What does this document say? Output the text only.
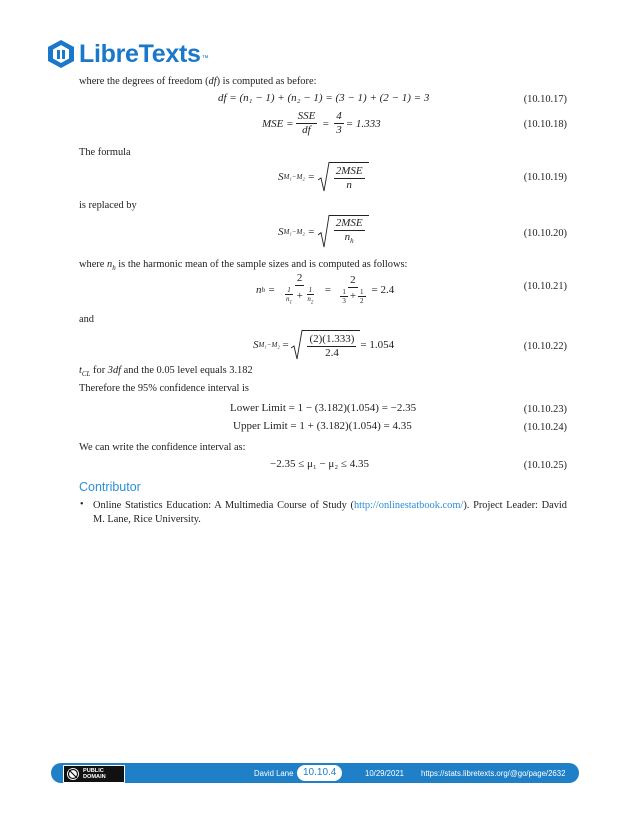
LibreTexts ™
where the degrees of freedom (df) is computed as before:
df = (n₁ − 1) + (n₂ − 1) = (3 − 1) + (2 − 1) = 3	(10.10.17)
MSE = $\frac{\text{SSE}}{df} = \frac{4}{3} = 1.333$	(10.10.18)
The formula
S $M_1-M_2 = \frac{\text{2MSE}}{n}$	(10.10.19)
is replaced by
S $M_1-M_2 = \frac{\text{2MSE}}{n_h}$	(10.10.20)
where $n_h$ is the harmonic mean of the sample sizes and is computed as follows:
n $h = \frac{2}{\frac{1}{n_1} + \frac{1}{n_2}} = \frac{2}{\frac{1}{3} + \frac{1}{2}} = 2.4$	(10.10.21)
and
S $M_1-M_2 = \frac{(2)(1.333)}{2.4} = 1.054$	(10.10.22)
$t_{CL}$ for 3df and the 0.05 level equals 3.182
Therefore the 95% confidence interval is
Lower Limit = 1 − (3.182)(1.054) = −2.35	(10.10.23)
Upper Limit = 1 + (3.182)(1.054) = 4.35	(10.10.24)
We can write the confidence interval as:
−2.35 ≤ μ₁ − μ₂ ≤ 4.35	(10.10.25)
Contributor
• Online Statistics Education: A Multimedia Course of Study (http://onlinestatbook.com/). Project Leader: David M. Lane, Rice University.
PUBLIC
DOMAIN	David Lane 10.10.4	10/29/2021 https://stats.libretexts.org/@go/page/2632
